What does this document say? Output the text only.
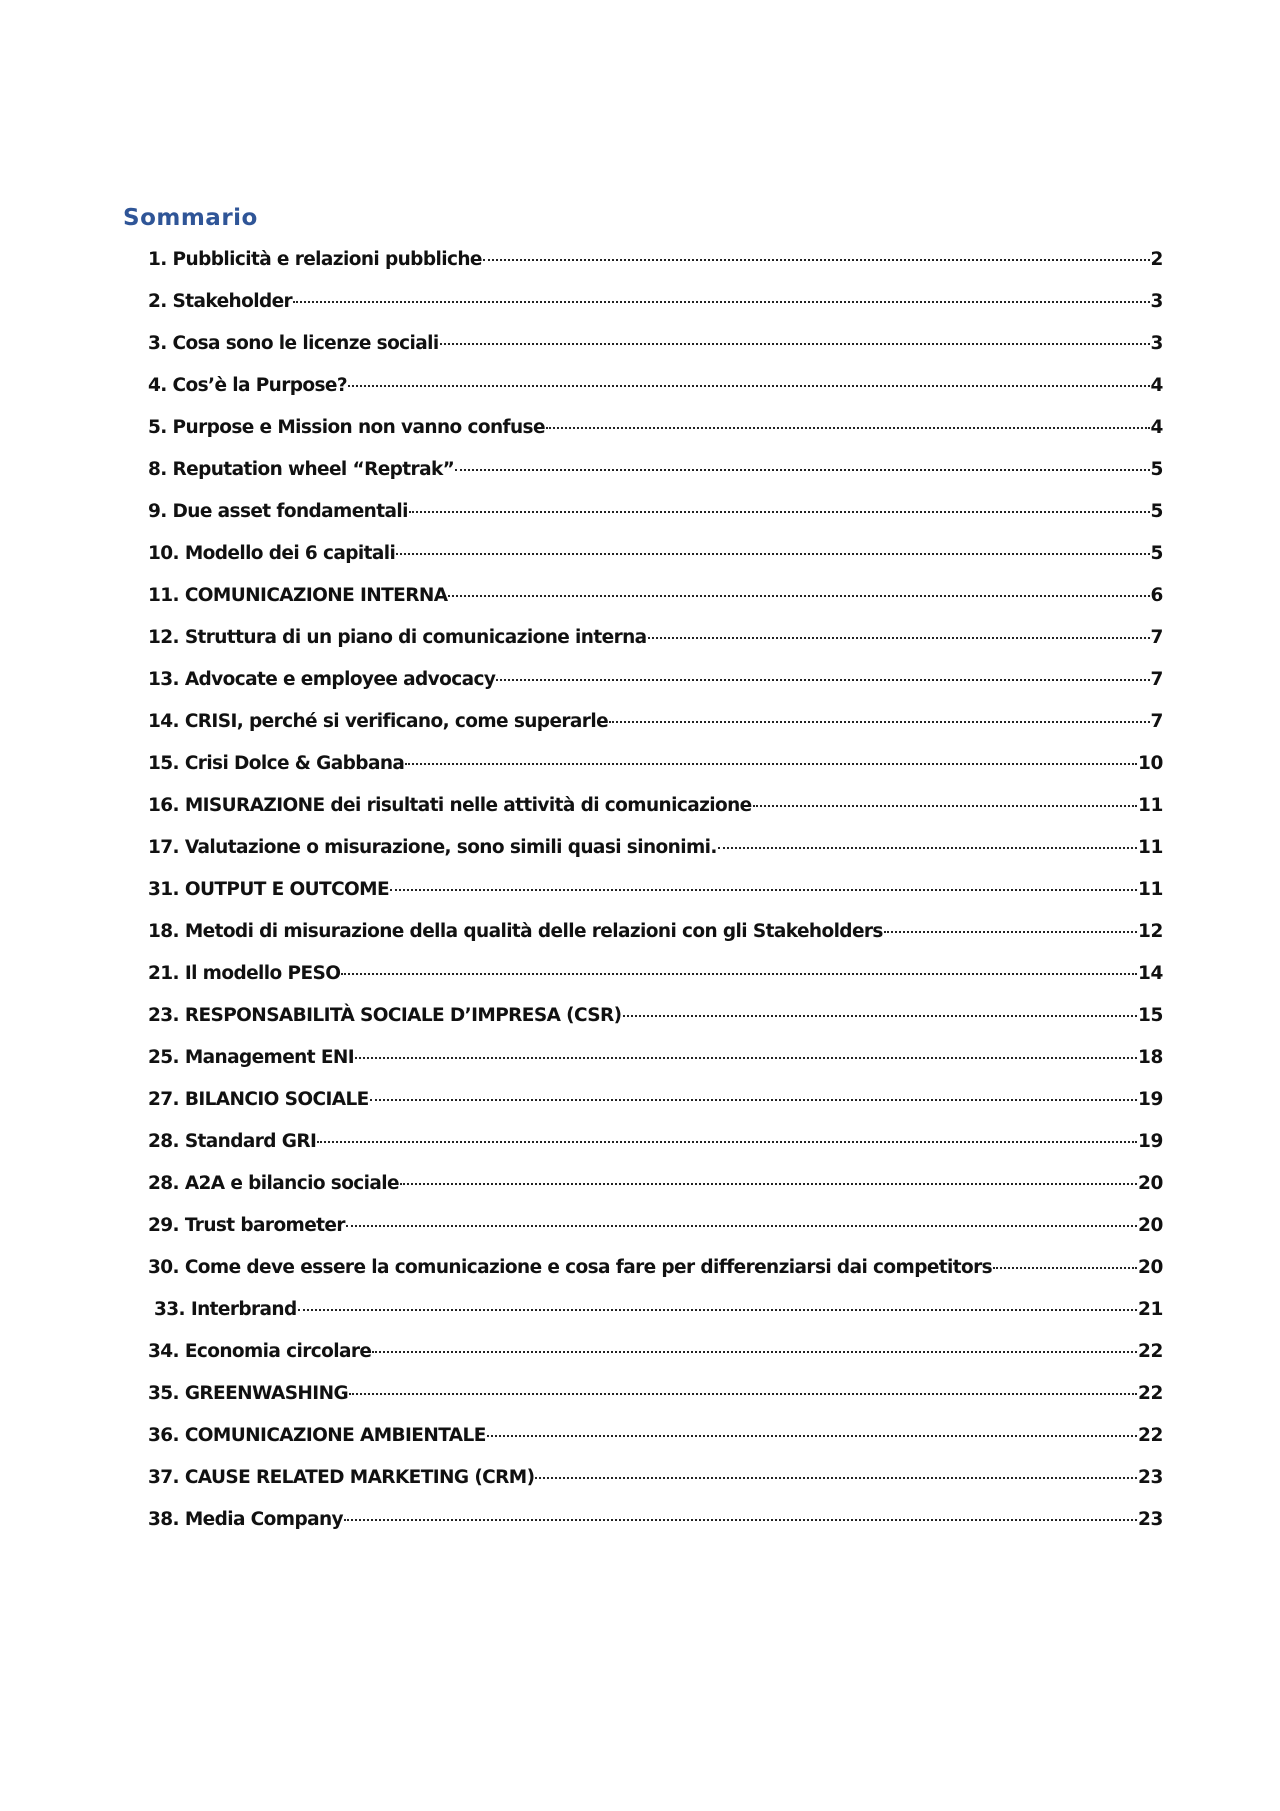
Sommario
1. Pubblicità e relazioni pubbliche	2
2. Stakeholder	3
3. Cosa sono le licenze sociali	3
4. Cos’è la Purpose?	4
5. Purpose e Mission non vanno confuse	4
8. Reputation wheel “Reptrak”	5
9. Due asset fondamentali	5
10. Modello dei 6 capitali	5
11. COMUNICAZIONE INTERNA	6
12. Struttura di un piano di comunicazione interna	7
13. Advocate e employee advocacy	7
14. CRISI, perché si verificano, come superarle	7
15. Crisi Dolce & Gabbana	10
16. MISURAZIONE dei risultati nelle attività di comunicazione	11
17. Valutazione o misurazione, sono simili quasi sinonimi.	11
31. OUTPUT E OUTCOME	11
18. Metodi di misurazione della qualità delle relazioni con gli Stakeholders	12
21. Il modello PESO	14
23. RESPONSABILITÀ SOCIALE D’IMPRESA (CSR)	15
25. Management ENI	18
27. BILANCIO SOCIALE	19
28. Standard GRI	19
28. A2A e bilancio sociale	20
29. Trust barometer	20
30. Come deve essere la comunicazione e cosa fare per differenziarsi dai competitors	20
33. Interbrand	21
34. Economia circolare	22
35. GREENWASHING	22
36. COMUNICAZIONE AMBIENTALE	22
37. CAUSE RELATED MARKETING (CRM)	23
38. Media Company	23
